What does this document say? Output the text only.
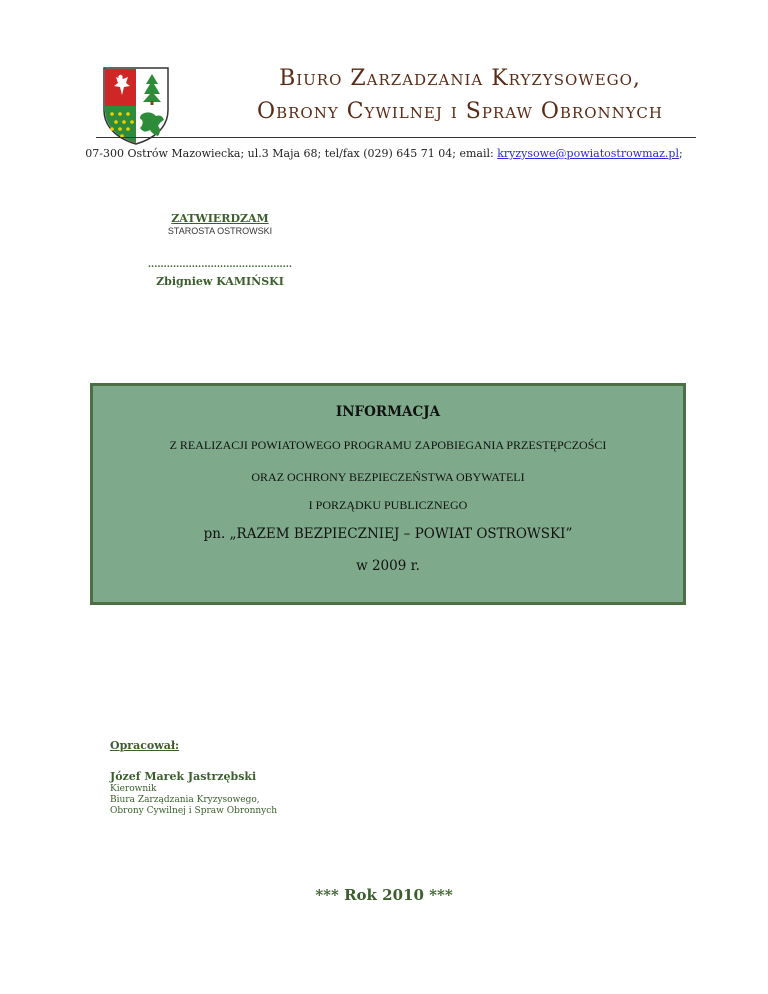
Biuro Zarzadzania Kryzysowego,
Obrony Cywilnej i Spraw Obronnych
07-300 Ostrów Mazowiecka; ul.3 Maja 68; tel/fax (029) 645 71 04; email: kryzysowe@powiatostrowmaz.pl;
ZATWIERDZAM
STAROSTA OSTROWSKI
..............................................
Zbigniew KAMIŃSKI
INFORMACJA
Z REALIZACJI POWIATOWEGO PROGRAMU ZAPOBIEGANIA PRZESTĘPCZOŚCI
ORAZ OCHRONY BEZPIECZEŃSTWA OBYWATELI
I PORZĄDKU PUBLICZNEGO
pn. „RAZEM BEZPIECZNIEJ – POWIAT OSTROWSKI”
w 2009 r.
Opracował:
Józef Marek Jastrzębski
Kierownik
Biura Zarządzania Kryzysowego,
Obrony Cywilnej i Spraw Obronnych
*** Rok 2010 ***
